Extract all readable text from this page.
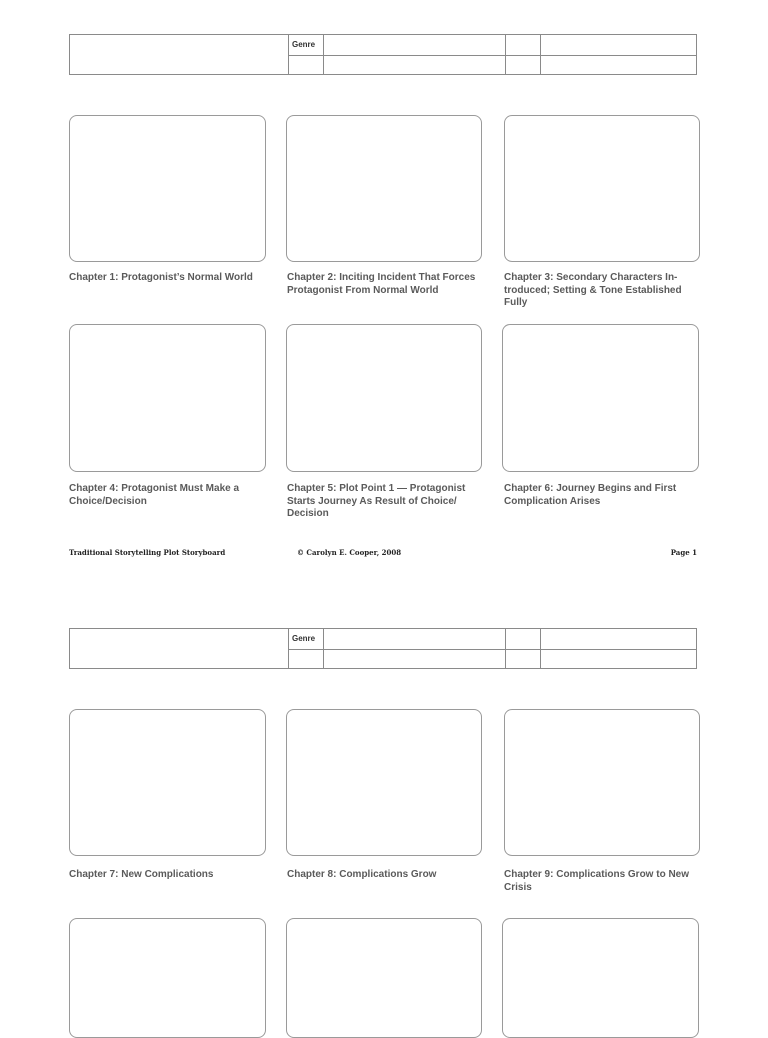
Genre
Chapter 1: Protagonist’s Normal World	Chapter 2: Inciting Incident That Forces Protagonist From Normal World
Chapter 3: Secondary Characters In-troduced; Setting & Tone Established Fully
Chapter 4: Protagonist Must Make a Choice/Decision
Chapter 5: Plot Point 1 — Protagonist Starts Journey As Result of Choice/ Decision
Chapter 6: Journey Begins and First Complication Arises
Traditional Storytelling Plot Storyboard	© Carolyn E. Cooper, 2008	Page 1
Genre
Chapter 7: New Complications	Chapter 8: Complications Grow	Chapter 9: Complications Grow to New Crisis
